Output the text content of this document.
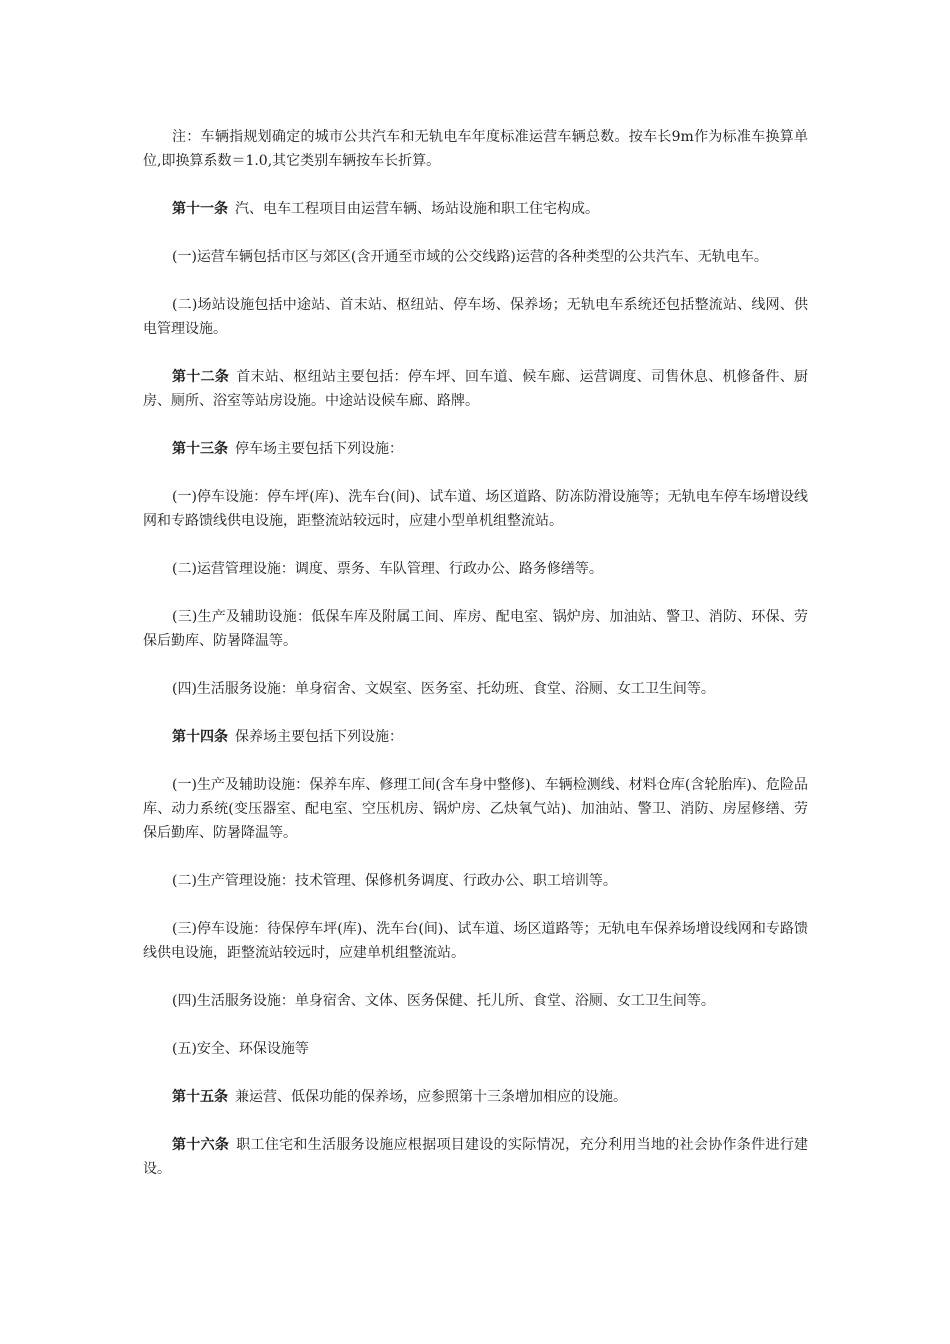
注：车辆指规划确定的城市公共汽车和无轨电车年度标准运营车辆总数。按车长9m作为标准车换算单位,即换算系数＝1.0,其它类别车辆按车长折算。

第十一条 汽、电车工程项目由运营车辆、场站设施和职工住宅构成。

(一)运营车辆包括市区与郊区(含开通至市域的公交线路)运营的各种类型的公共汽车、无轨电车。

(二)场站设施包括中途站、首末站、枢纽站、停车场、保养场；无轨电车系统还包括整流站、线网、供电管理设施。

第十二条 首末站、枢纽站主要包括：停车坪、回车道、候车廊、运营调度、司售休息、机修备件、厨房、厕所、浴室等站房设施。中途站设候车廊、路牌。

第十三条 停车场主要包括下列设施：

(一)停车设施：停车坪(库)、洗车台(间)、试车道、场区道路、防冻防滑设施等；无轨电车停车场增设线网和专路馈线供电设施，距整流站较远时，应建小型单机组整流站。

(二)运营管理设施：调度、票务、车队管理、行政办公、路务修缮等。

(三)生产及辅助设施：低保车库及附属工间、库房、配电室、锅炉房、加油站、警卫、消防、环保、劳保后勤库、防暑降温等。

(四)生活服务设施：单身宿舍、文娱室、医务室、托幼班、食堂、浴厕、女工卫生间等。

第十四条 保养场主要包括下列设施：

(一)生产及辅助设施：保养车库、修理工间(含车身中整修)、车辆检测线、材料仓库(含轮胎库)、危险品库、动力系统(变压器室、配电室、空压机房、锅炉房、乙炔氧气站)、加油站、警卫、消防、房屋修缮、劳保后勤库、防暑降温等。

(二)生产管理设施：技术管理、保修机务调度、行政办公、职工培训等。

(三)停车设施：待保停车坪(库)、洗车台(间)、试车道、场区道路等；无轨电车保养场增设线网和专路馈线供电设施，距整流站较远时，应建单机组整流站。

(四)生活服务设施：单身宿舍、文体、医务保健、托儿所、食堂、浴厕、女工卫生间等。

(五)安全、环保设施等

第十五条 兼运营、低保功能的保养场，应参照第十三条增加相应的设施。

第十六条 职工住宅和生活服务设施应根据项目建设的实际情况，充分利用当地的社会协作条件进行建设。
